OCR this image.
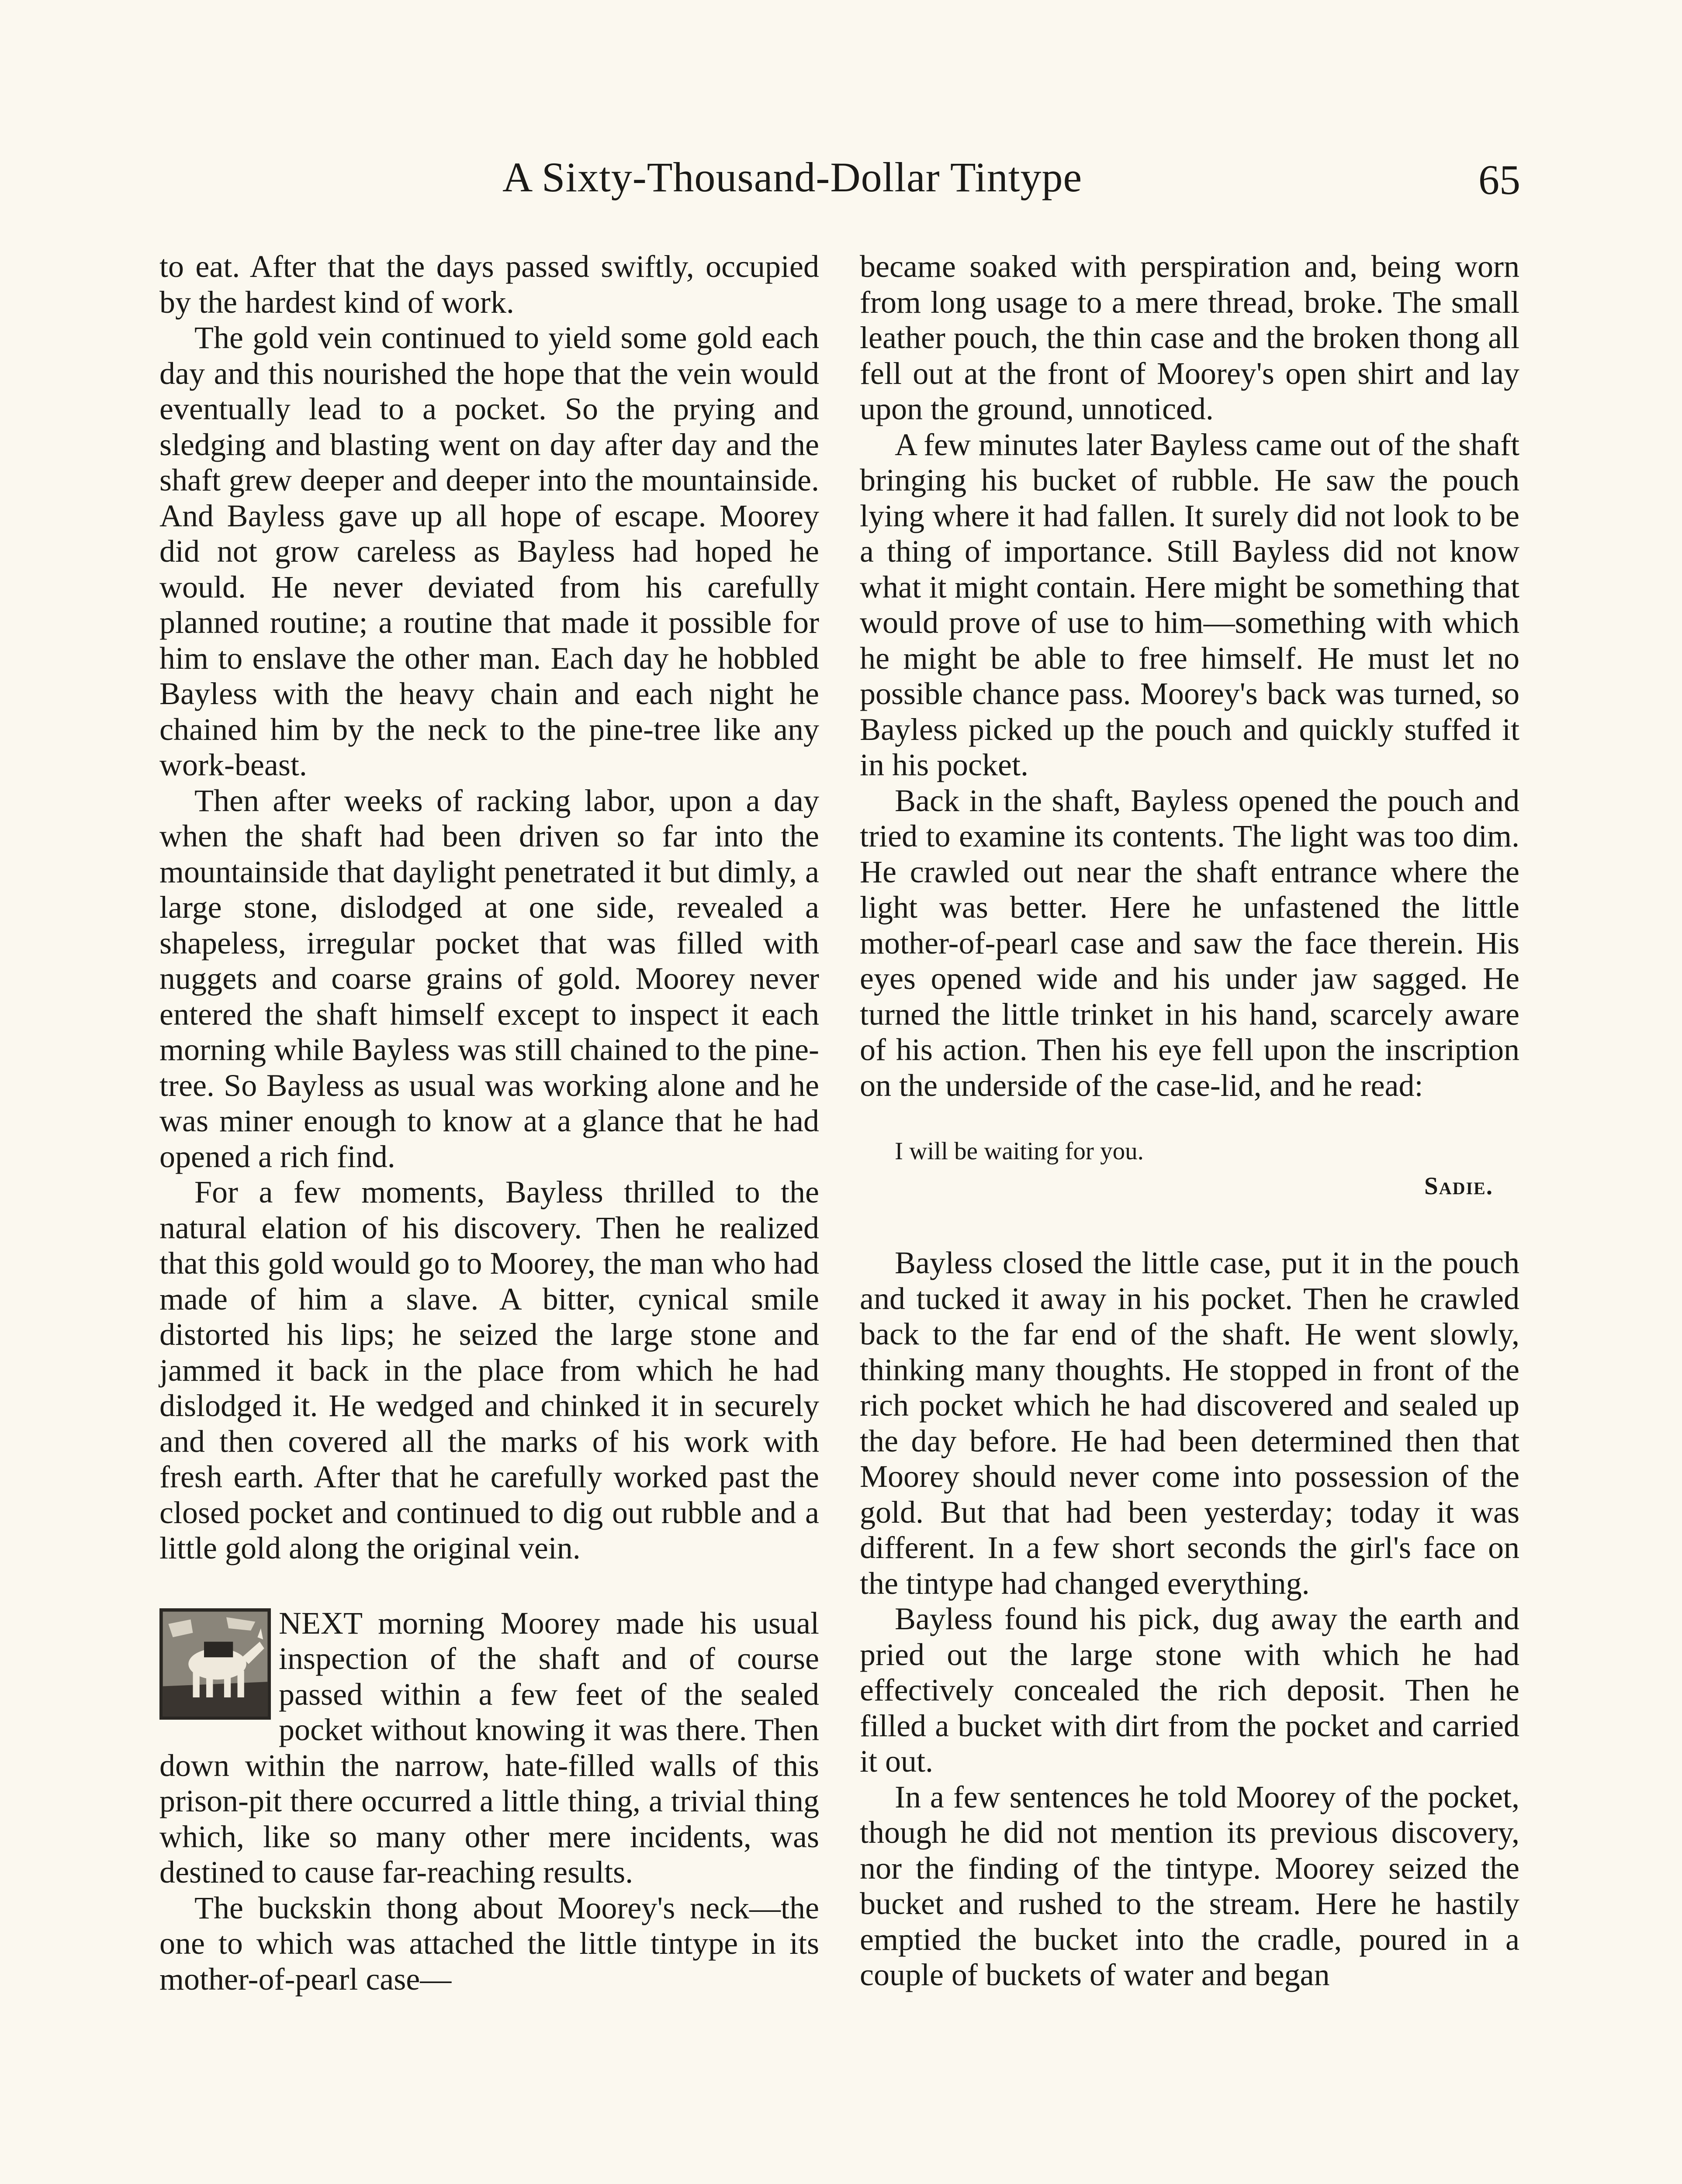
A Sixty-Thousand-Dollar Tintype	65

to eat. After that the days passed swiftly, occupied by the hardest kind of work.

The gold vein continued to yield some gold each day and this nourished the hope that the vein would eventually lead to a pocket. So the prying and sledging and blasting went on day after day and the shaft grew deeper and deeper into the mountainside. And Bayless gave up all hope of escape. Moorey did not grow careless as Bayless had hoped he would. He never deviated from his carefully planned routine; a routine that made it possible for him to enslave the other man. Each day he hobbled Bayless with the heavy chain and each night he chained him by the neck to the pine-tree like any work-beast.

Then after weeks of racking labor, upon a day when the shaft had been driven so far into the mountainside that daylight penetrated it but dimly, a large stone, dislodged at one side, revealed a shapeless, irregular pocket that was filled with nuggets and coarse grains of gold. Moorey never entered the shaft himself except to inspect it each morning while Bayless was still chained to the pine-tree. So Bayless as usual was working alone and he was miner enough to know at a glance that he had opened a rich find.

For a few moments, Bayless thrilled to the natural elation of his discovery. Then he realized that this gold would go to Moorey, the man who had made of him a slave. A bitter, cynical smile distorted his lips; he seized the large stone and jammed it back in the place from which he had dislodged it. He wedged and chinked it in securely and then covered all the marks of his work with fresh earth. After that he carefully worked past the closed pocket and continued to dig out rubble and a little gold along the original vein.

NEXT morning Moorey made his usual inspection of the shaft and of course passed within a few feet of the sealed pocket without knowing it was there. Then down within the narrow, hate-filled walls of this prison-pit there occurred a little thing, a trivial thing which, like so many other mere incidents, was destined to cause far-reaching results.

The buckskin thong about Moorey's neck—the one to which was attached the little tintype in its mother-of-pearl case—

became soaked with perspiration and, being worn from long usage to a mere thread, broke. The small leather pouch, the thin case and the broken thong all fell out at the front of Moorey's open shirt and lay upon the ground, unnoticed.

A few minutes later Bayless came out of the shaft bringing his bucket of rubble. He saw the pouch lying where it had fallen. It surely did not look to be a thing of importance. Still Bayless did not know what it might contain. Here might be something that would prove of use to him—something with which he might be able to free himself. He must let no possible chance pass. Moorey's back was turned, so Bayless picked up the pouch and quickly stuffed it in his pocket.

Back in the shaft, Bayless opened the pouch and tried to examine its contents. The light was too dim. He crawled out near the shaft entrance where the light was better. Here he unfastened the little mother-of-pearl case and saw the face therein. His eyes opened wide and his under jaw sagged. He turned the little trinket in his hand, scarcely aware of his action. Then his eye fell upon the inscription on the underside of the case-lid, and he read:

I will be waiting for you.
Sadie.

Bayless closed the little case, put it in the pouch and tucked it away in his pocket. Then he crawled back to the far end of the shaft. He went slowly, thinking many thoughts. He stopped in front of the rich pocket which he had discovered and sealed up the day before. He had been determined then that Moorey should never come into possession of the gold. But that had been yesterday; today it was different. In a few short seconds the girl's face on the tintype had changed everything.

Bayless found his pick, dug away the earth and pried out the large stone with which he had effectively concealed the rich deposit. Then he filled a bucket with dirt from the pocket and carried it out.

In a few sentences he told Moorey of the pocket, though he did not mention its previous discovery, nor the finding of the tintype. Moorey seized the bucket and rushed to the stream. Here he hastily emptied the bucket into the cradle, poured in a couple of buckets of water and began
